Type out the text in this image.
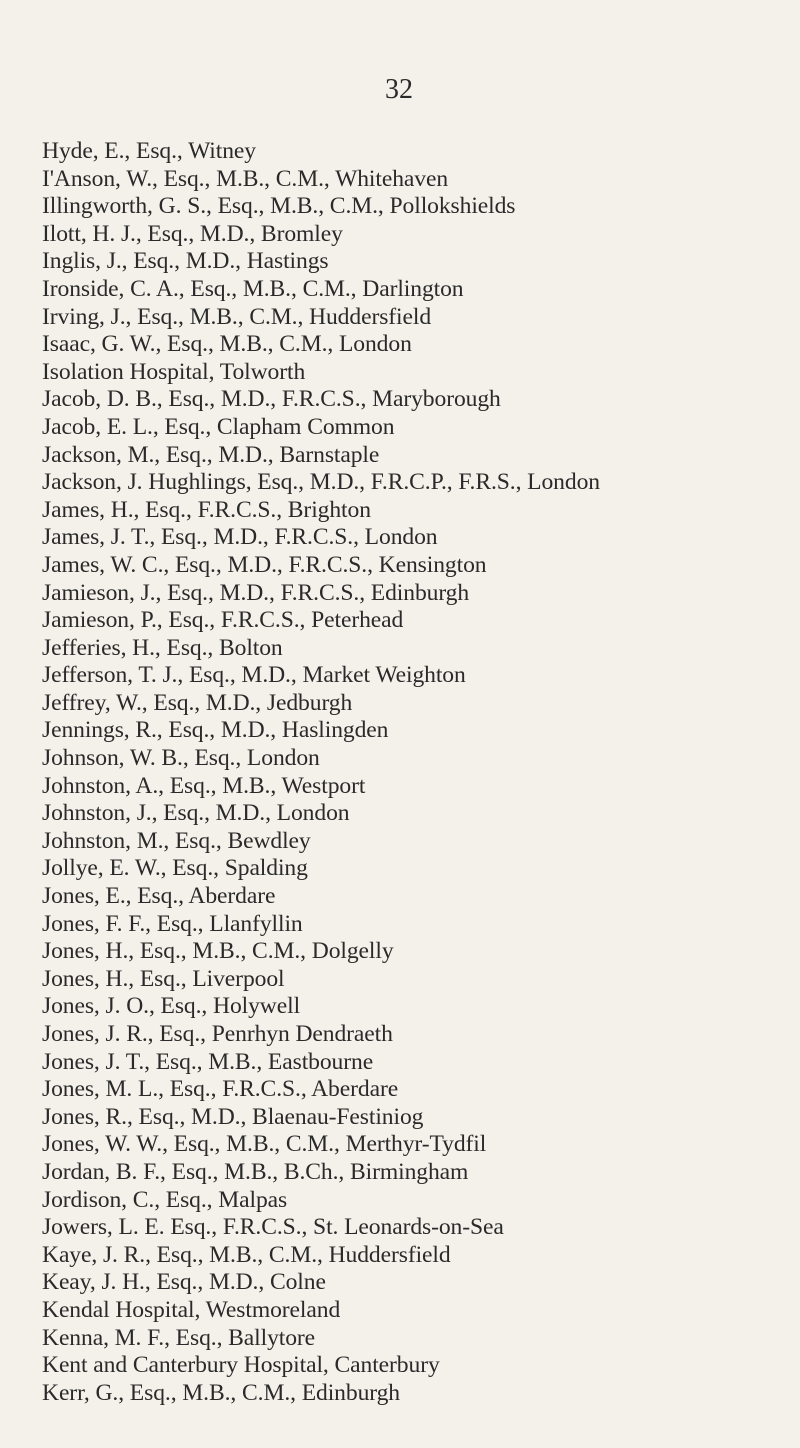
32
Hyde, E., Esq., Witney
I'Anson, W., Esq., M.B., C.M., Whitehaven
Illingworth, G. S., Esq., M.B., C.M., Pollokshields
Ilott, H. J., Esq., M.D., Bromley
Inglis, J., Esq., M.D., Hastings
Ironside, C. A., Esq., M.B., C.M., Darlington
Irving, J., Esq., M.B., C.M., Huddersfield
Isaac, G. W., Esq., M.B., C.M., London
Isolation Hospital, Tolworth
Jacob, D. B., Esq., M.D., F.R.C.S., Maryborough
Jacob, E. L., Esq., Clapham Common
Jackson, M., Esq., M.D., Barnstaple
Jackson, J. Hughlings, Esq., M.D., F.R.C.P., F.R.S., London
James, H., Esq., F.R.C.S., Brighton
James, J. T., Esq., M.D., F.R.C.S., London
James, W. C., Esq., M.D., F.R.C.S., Kensington
Jamieson, J., Esq., M.D., F.R.C.S., Edinburgh
Jamieson, P., Esq., F.R.C.S., Peterhead
Jefferies, H., Esq., Bolton
Jefferson, T. J., Esq., M.D., Market Weighton
Jeffrey, W., Esq., M.D., Jedburgh
Jennings, R., Esq., M.D., Haslingden
Johnson, W. B., Esq., London
Johnston, A., Esq., M.B., Westport
Johnston, J., Esq., M.D., London
Johnston, M., Esq., Bewdley
Jollye, E. W., Esq., Spalding
Jones, E., Esq., Aberdare
Jones, F. F., Esq., Llanfyllin
Jones, H., Esq., M.B., C.M., Dolgelly
Jones, H., Esq., Liverpool
Jones, J. O., Esq., Holywell
Jones, J. R., Esq., Penrhyn Dendraeth
Jones, J. T., Esq., M.B., Eastbourne
Jones, M. L., Esq., F.R.C.S., Aberdare
Jones, R., Esq., M.D., Blaenau-Festiniog
Jones, W. W., Esq., M.B., C.M., Merthyr-Tydfil
Jordan, B. F., Esq., M.B., B.Ch., Birmingham
Jordison, C., Esq., Malpas
Jowers, L. E. Esq., F.R.C.S., St. Leonards-on-Sea
Kaye, J. R., Esq., M.B., C.M., Huddersfield
Keay, J. H., Esq., M.D., Colne
Kendal Hospital, Westmoreland
Kenna, M. F., Esq., Ballytore
Kent and Canterbury Hospital, Canterbury
Kerr, G., Esq., M.B., C.M., Edinburgh
